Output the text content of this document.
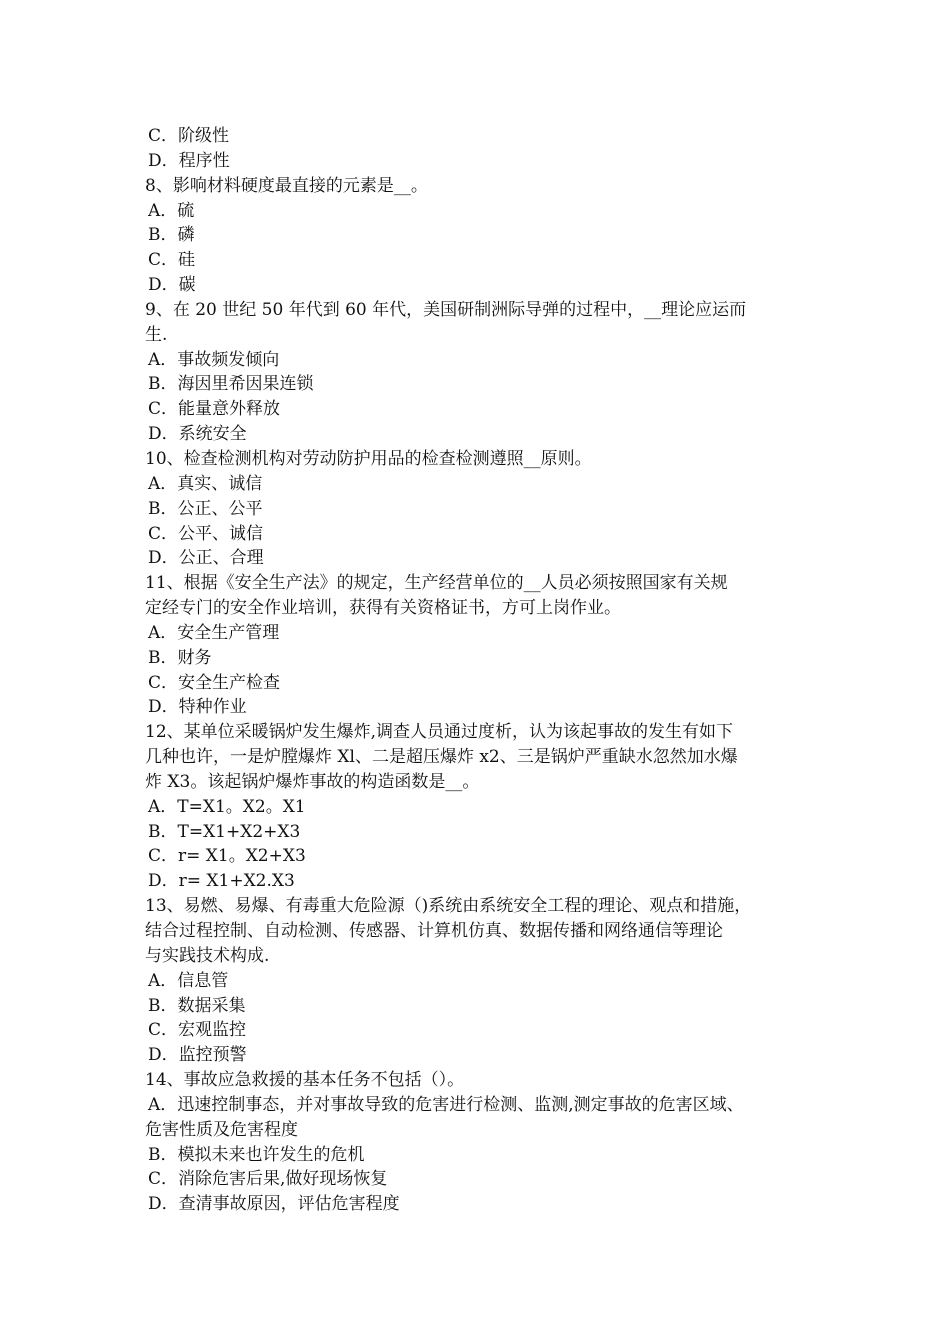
C．阶级性
D．程序性
8、影响材料硬度最直接的元素是__。
A．硫
B．磷
C．硅
D．碳
9、在 20 世纪 50 年代到 60 年代，美国研制洲际导弹的过程中，__理论应运而
生.
A．事故频发倾向
B．海因里希因果连锁
C．能量意外释放
D．系统安全
10、检查检测机构对劳动防护用品的检查检测遵照__原则。
A．真实、诚信
B．公正、公平
C．公平、诚信
D．公正、合理
11、根据《安全生产法》的规定，生产经营单位的__人员必须按照国家有关规
定经专门的安全作业培训，获得有关资格证书，方可上岗作业。
A．安全生产管理
B．财务
C．安全生产检查
D．特种作业
12、某单位采暖锅炉发生爆炸,调查人员通过度析，认为该起事故的发生有如下
几种也许，一是炉膛爆炸 Xl、二是超压爆炸 x2、三是锅炉严重缺水忽然加水爆
炸 X3。该起锅炉爆炸事故的构造函数是__。
A．T=X1。X2。X1
B．T=X1+X2+X3
C．r= X1。X2+X3
D．r= X1+X2.X3
13、易燃、易爆、有毒重大危险源（)系统由系统安全工程的理论、观点和措施，
结合过程控制、自动检测、传感器、计算机仿真、数据传播和网络通信等理论
与实践技术构成.
A．信息管
B．数据采集
C．宏观监控
D．监控预警
14、事故应急救援的基本任务不包括（）。
A．迅速控制事态，并对事故导致的危害进行检测、监测,测定事故的危害区域、
危害性质及危害程度
B．模拟未来也许发生的危机
C．消除危害后果,做好现场恢复
D．查清事故原因，评估危害程度
